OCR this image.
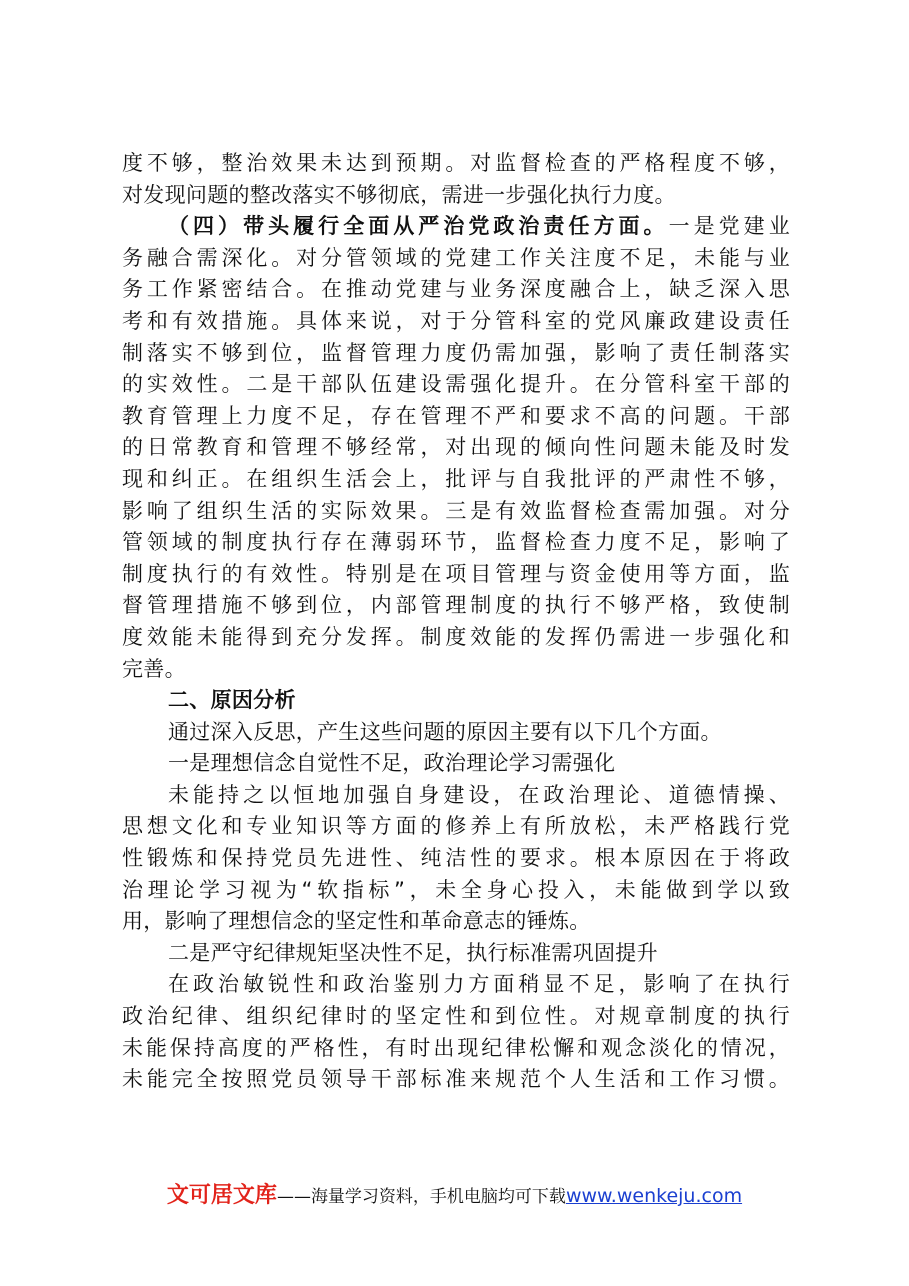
度不够，整治效果未达到预期。对监督检查的严格程度不够，
对发现问题的整改落实不够彻底，需进一步强化执行力度。
（四）带头履行全面从严治党政治责任方面。一是党建业
务融合需深化。对分管领域的党建工作关注度不足，未能与业
务工作紧密结合。在推动党建与业务深度融合上，缺乏深入思
考和有效措施。具体来说，对于分管科室的党风廉政建设责任
制落实不够到位，监督管理力度仍需加强，影响了责任制落实
的实效性。二是干部队伍建设需强化提升。在分管科室干部的
教育管理上力度不足，存在管理不严和要求不高的问题。干部
的日常教育和管理不够经常，对出现的倾向性问题未能及时发
现和纠正。在组织生活会上，批评与自我批评的严肃性不够，
影响了组织生活的实际效果。三是有效监督检查需加强。对分
管领域的制度执行存在薄弱环节，监督检查力度不足，影响了
制度执行的有效性。特别是在项目管理与资金使用等方面，监
督管理措施不够到位，内部管理制度的执行不够严格，致使制
度效能未能得到充分发挥。制度效能的发挥仍需进一步强化和
完善。
二、原因分析
通过深入反思，产生这些问题的原因主要有以下几个方面。
一是理想信念自觉性不足，政治理论学习需强化
未能持之以恒地加强自身建设，在政治理论、道德情操、
思想文化和专业知识等方面的修养上有所放松，未严格践行党
性锻炼和保持党员先进性、纯洁性的要求。根本原因在于将政
治理论学习视为“软指标”，未全身心投入，未能做到学以致
用，影响了理想信念的坚定性和革命意志的锤炼。
二是严守纪律规矩坚决性不足，执行标准需巩固提升
在政治敏锐性和政治鉴别力方面稍显不足，影响了在执行
政治纪律、组织纪律时的坚定性和到位性。对规章制度的执行
未能保持高度的严格性，有时出现纪律松懈和观念淡化的情况，
未能完全按照党员领导干部标准来规范个人生活和工作习惯。
文可居文库——海量学习资料，手机电脑均可下载www.wenkeju.com
